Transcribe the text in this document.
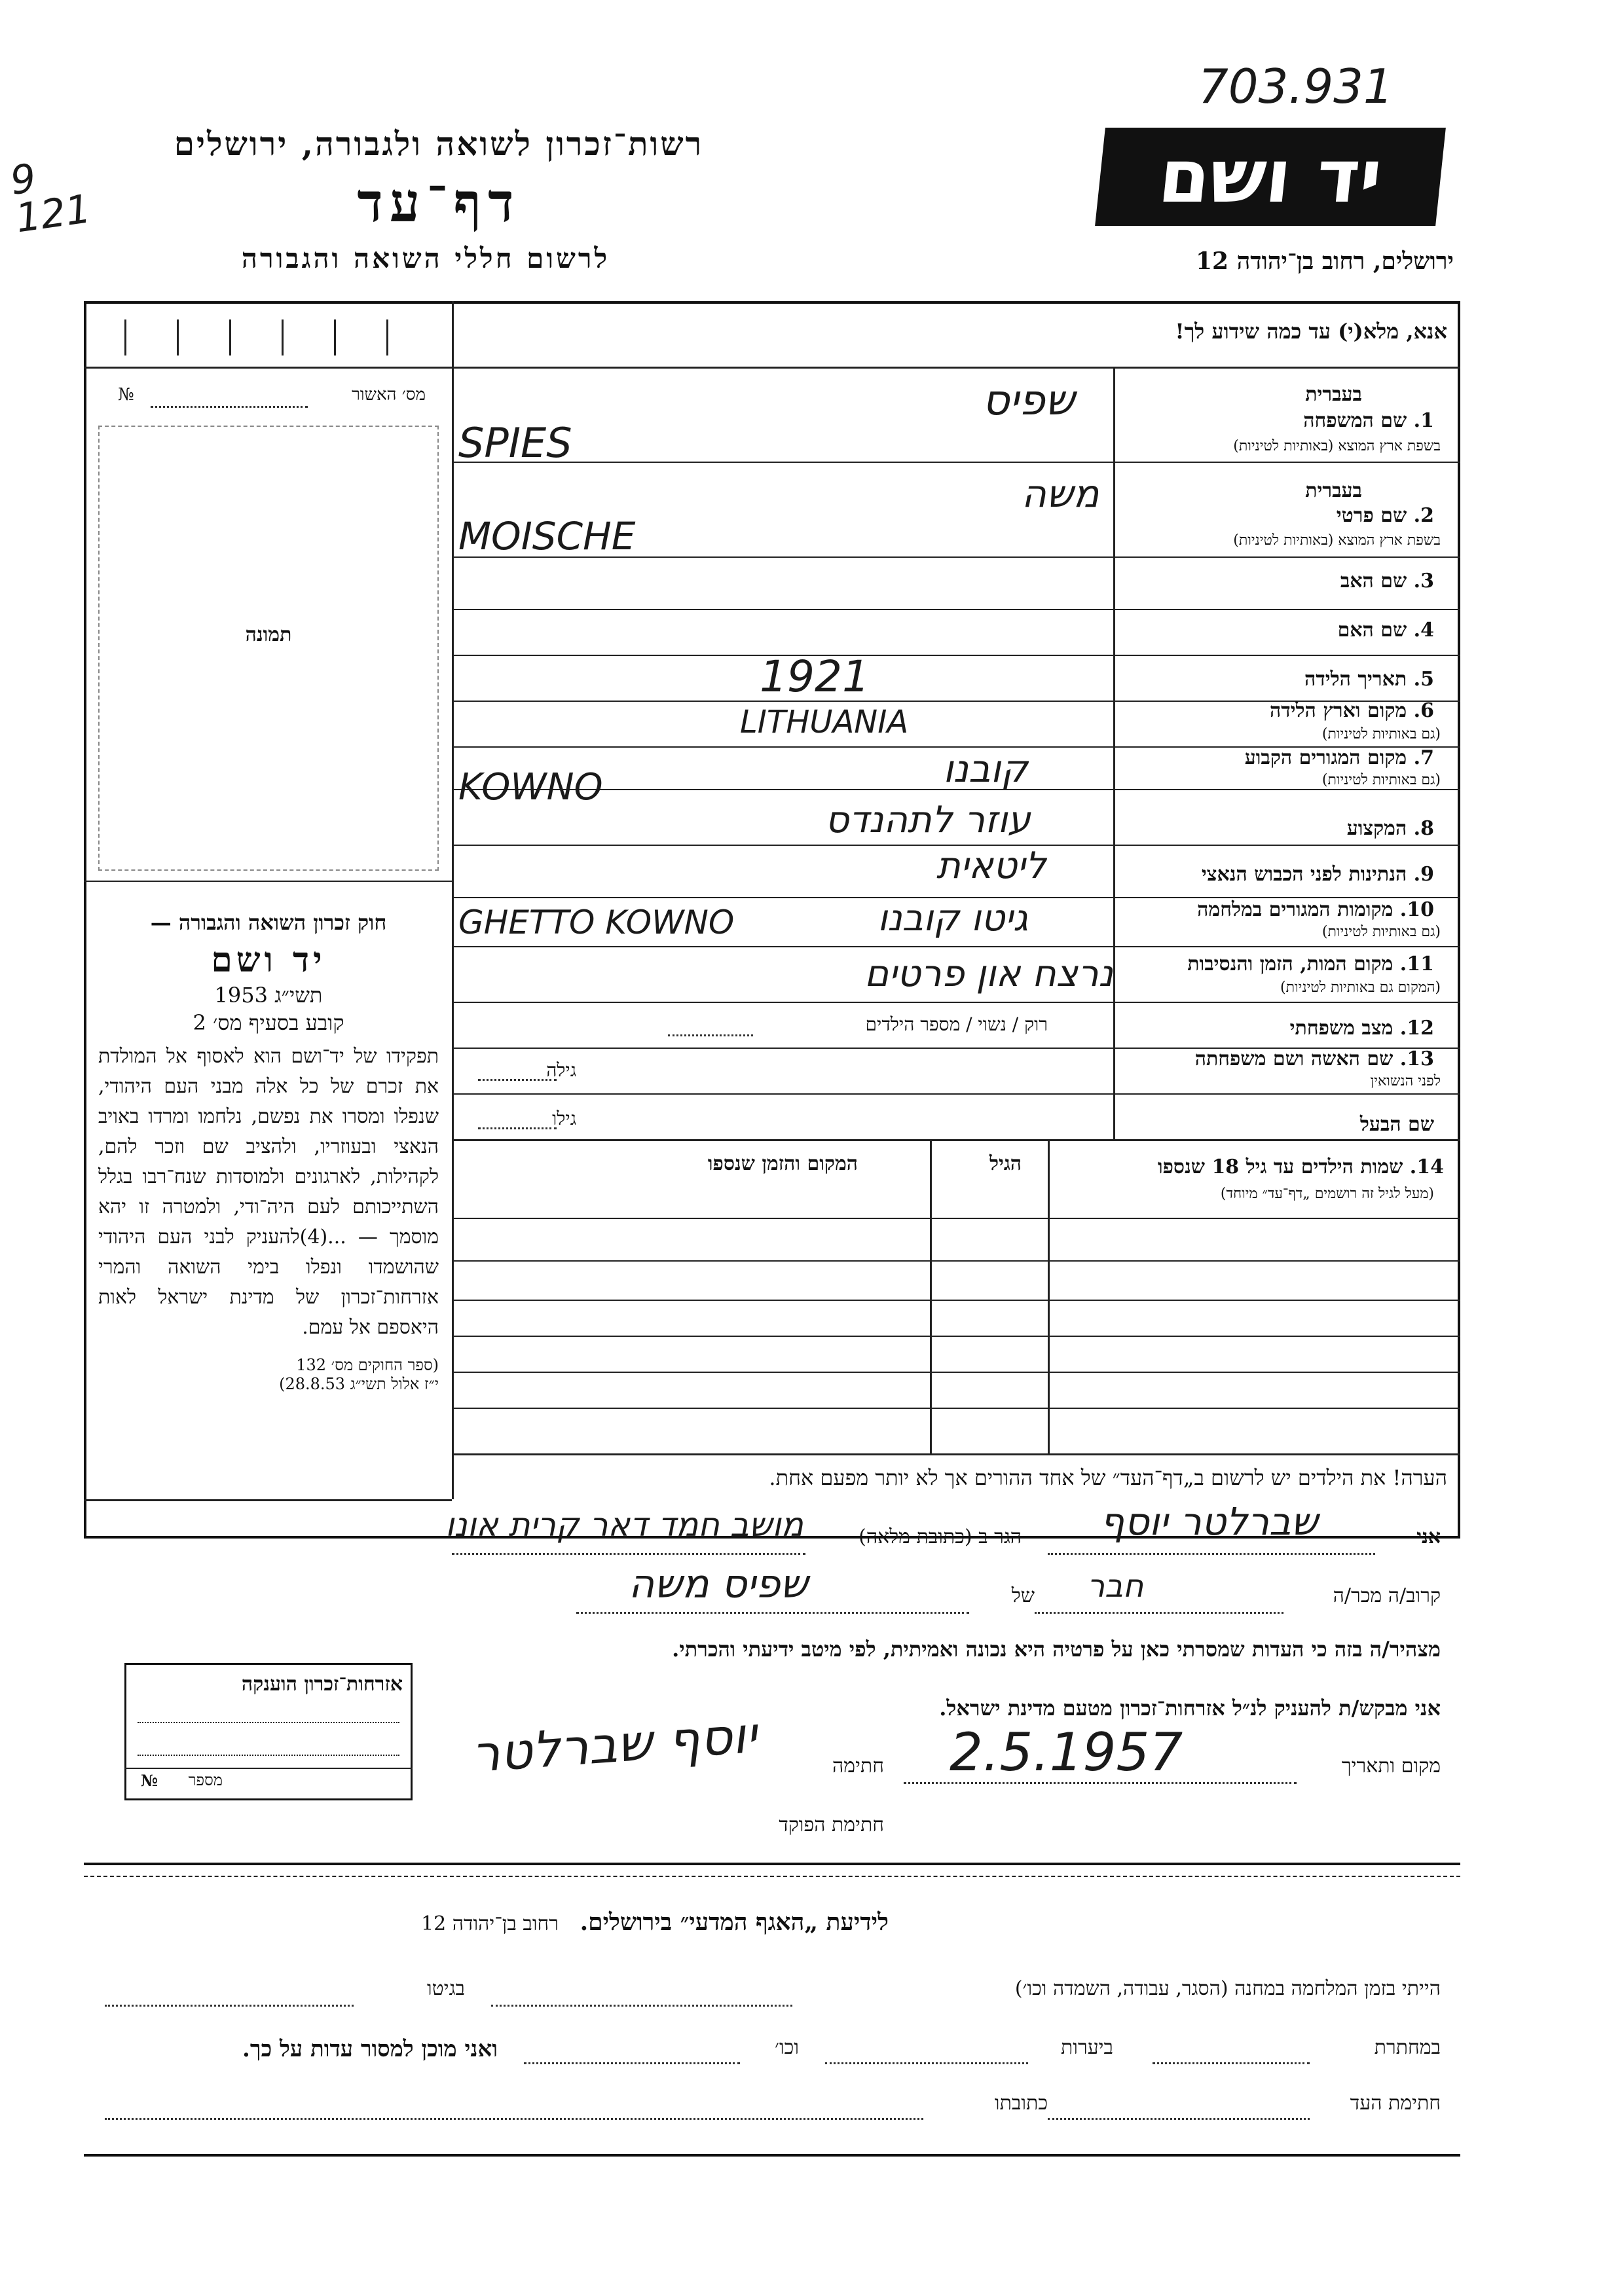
703.931
9
121	יד ושם
רשות־זכרון לשואה ולגבורה, ירושלים
דף־עד
לרשום חללי השואה והגבורה	ירושלים, רחוב בן־יהודה 12
אנא, מלא(י) עד כמה שידוע לך!
מס׳ האשור
№
תמונה
בעברית
1. שם המשפחה
בשפת ארץ המוצא (באותיות לטיניות)
שפיס
SPIES
בעברית
2. שם פרטי
בשפת ארץ המוצא (באותיות לטיניות)
משה
MOISCHE
3. שם האב
4. שם האם
5. תאריך הלידה
1921
6. מקום וארץ הלידה
(גם באותיות לטיניות)
LITHUANIA
7. מקום המגורים הקבוע
(גם באותיות לטיניות)
קובנו
KOWNO
8. המקצוע
עוזר לתהנדס
9. הנתינות לפני הכבוש הנאצי
ליטאית
10. מקומות המגורים במלחמה
(גם באותיות לטיניות)
גיטו קובנו
GHETTO KOWNO
11. מקום המות, הזמן והנסיבות
(המקום גם באותיות לטיניות)
נרצח און פרטים
12. מצב משפחתי
רוק / נשוי / מספר הילדים
13. שם האשה ושם משפחתה
לפני הנשואין
גילה
שם הבעל
גילו
14. שמות הילדים עד גיל 18 שנספו
(מעל לגיל זה רושמים „דף־עד״ מיוחד)
הגיל
המקום והזמן שנספו
הערה! את הילדים יש לרשום ב„דף־העד״ של אחד ההורים אך לא יותר מפעם אחת.
חוק זכרון השואה והגבורה —
יד ושם
תשי״ג 1953
קובע בסעיף מס׳ 2
תפקידו של יד־ושם הוא לאסוף אל המולדת את זכרם של כל אלה מבני העם היהודי, שנפלו ומסרו את נפשם, נלחמו ומרדו באויב הנאצי ובעוזריו, ולהציב שם וזכר להם, לקהילות, לארגונים ולמוסדות שנח־רבו בגלל השתייכותם לעם היה־ודי, ולמטרה זו יהא מוסמך — ...(4)להעניק לבני העם היהודי שהושמדו ונפלו בימי השואה והמרי אזרחות־זכרון של מדינת ישראל לאות היאספם אל עמם.
(ספר החוקים מס׳ 132
י״ז אלול תשי״ג 28.8.53)
אני
שברלטר יוסף
הגר ב (כתובת מלאה)
מושב חמד דאר קרית אונו
קרוב/ה מכר/ה
חבר
של
שפיס משה
מצהיר/ה בזה כי העדות שמסרתי כאן על פרטיה היא נכונה ואמיתית, לפי מיטב ידיעתי והכרתי.
אני מבקש/ת להעניק לנ״ל אזרחות־זכרון מטעם מדינת ישראל.
מקום ותאריך
2.5.1957
חתימה
חתימת הפוקד
יוסף שברלטר
אזרחות־זכרון הוענקה
מספר
№
לידיעת „האגף המדעי״ בירושלים. רחוב בן־יהודה 12
הייתי בזמן המלחמה במחנה (הסגר, עבודה, השמדה וכו׳)
בגיטו
במחתרת
ביערות
וכו׳
ואני מוכן למסור עדות על כך.
חתימת העד
כתובתו
